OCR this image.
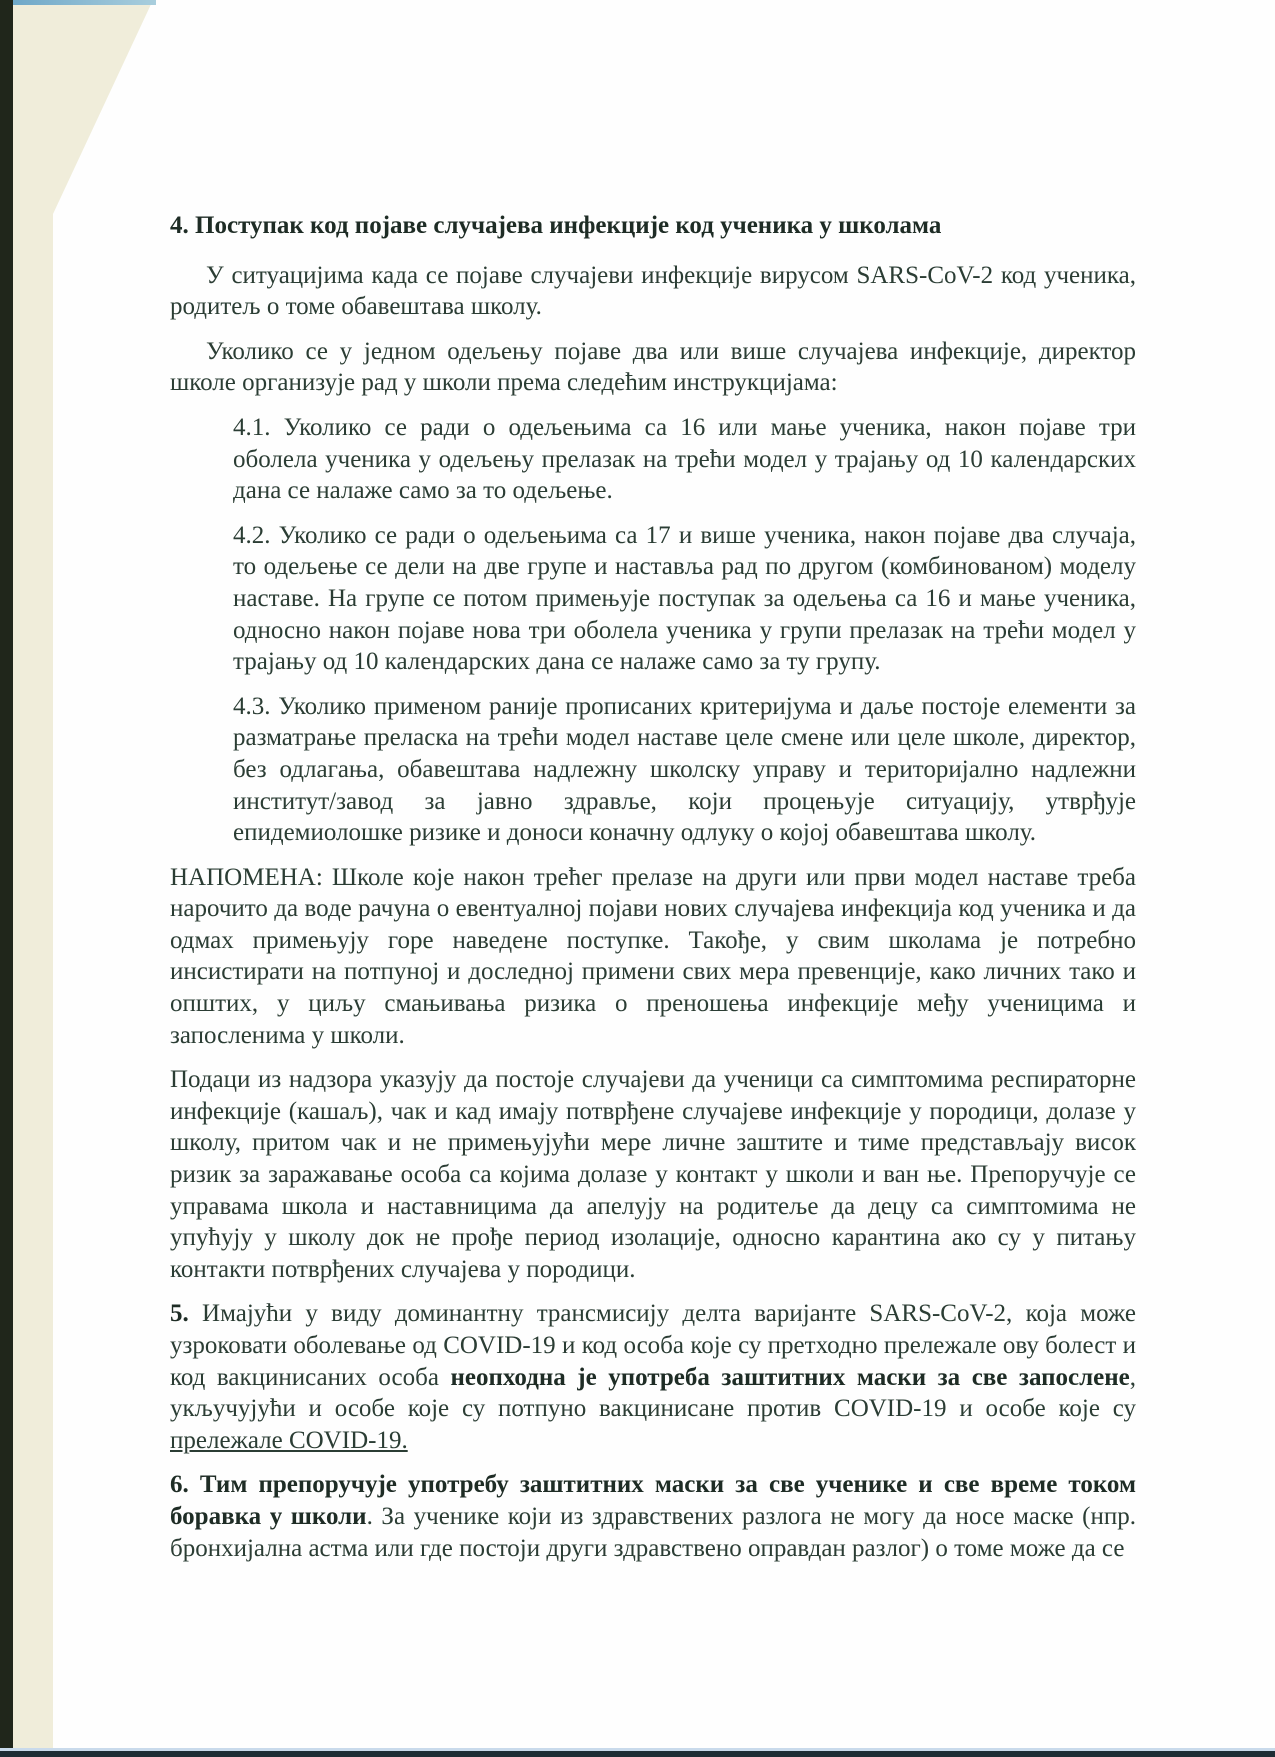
4. Поступак код појаве случајева инфекције код ученика у школама

У ситуацијима када се појаве случајеви инфекције вирусом SARS-CoV-2 код ученика, родитељ о томе обавештава школу.

Уколико се у једном одељењу појаве два или више случајева инфекције, директор школе организује рад у школи према следећим инструкцијама:

4.1. Уколико се ради о одељењима са 16 или мање ученика, након појаве три оболела ученика у одељењу прелазак на трећи модел у трајању од 10 календарских дана се налаже само за то одељење.

4.2. Уколико се ради о одељењима са 17 и више ученика, након појаве два случаја, то одељење се дели на две групе и наставља рад по другом (комбинованом) моделу наставе. На групе се потом примењује поступак за одељења са 16 и мање ученика, односно након појаве нова три оболела ученика у групи прелазак на трећи модел у трајању од 10 календарских дана се налаже само за ту групу.

4.3. Уколико применом раније прописаних критеријума и даље постоје елементи за разматрање преласка на трећи модел наставе целе смене или целе школе, директор, без одлагања, обавештава надлежну школску управу и територијално надлежни институт/завод за јавно здравље, који процењује ситуацију, утврђује епидемиолошке ризике и доноси коначну одлуку о којој обавештава школу.

НАПОМЕНА: Школе које након трећег прелазе на други или први модел наставе треба нарочито да воде рачуна о евентуалној појави нових случајева инфекција код ученика и да одмах примењују горе наведене поступке. Такође, у свим школама је потребно инсистирати на потпуној и доследној примени свих мера превенције, како личних тако и општих, у циљу смањивања ризика о преношења инфекције међу ученицима и запосленима у школи.

Подаци из надзора указују да постоје случајеви да ученици са симптомима респираторне инфекције (кашаљ), чак и кад имају потврђене случајеве инфекције у породици, долазе у школу, притом чак и не примењујући мере личне заштите и тиме представљају висок ризик за заражавање особа са којима долазе у контакт у школи и ван ње. Препоручује се управама школа и наставницима да апелују на родитеље да децу са симптомима не упућују у школу док не прође период изолације, односно карантина ако су у питању контакти потврђених случајева у породици.

5. Имајући у виду доминантну трансмисију делта варијанте SARS-CoV-2, која може узроковати оболевање од COVID-19 и код особа које су претходно прележале ову болест и код вакцинисаних особа неопходна је употреба заштитних маски за све запослене, укључујући и особе које су потпуно вакцинисане против COVID-19 и особе које су прележале COVID-19.

6. Тим препоручује употребу заштитних маски за све ученике и све време током боравка у школи. За ученике који из здравствених разлога не могу да носе маске (нпр. бронхијална астма или где постоји други здравствено оправдан разлог) о томе може да се
